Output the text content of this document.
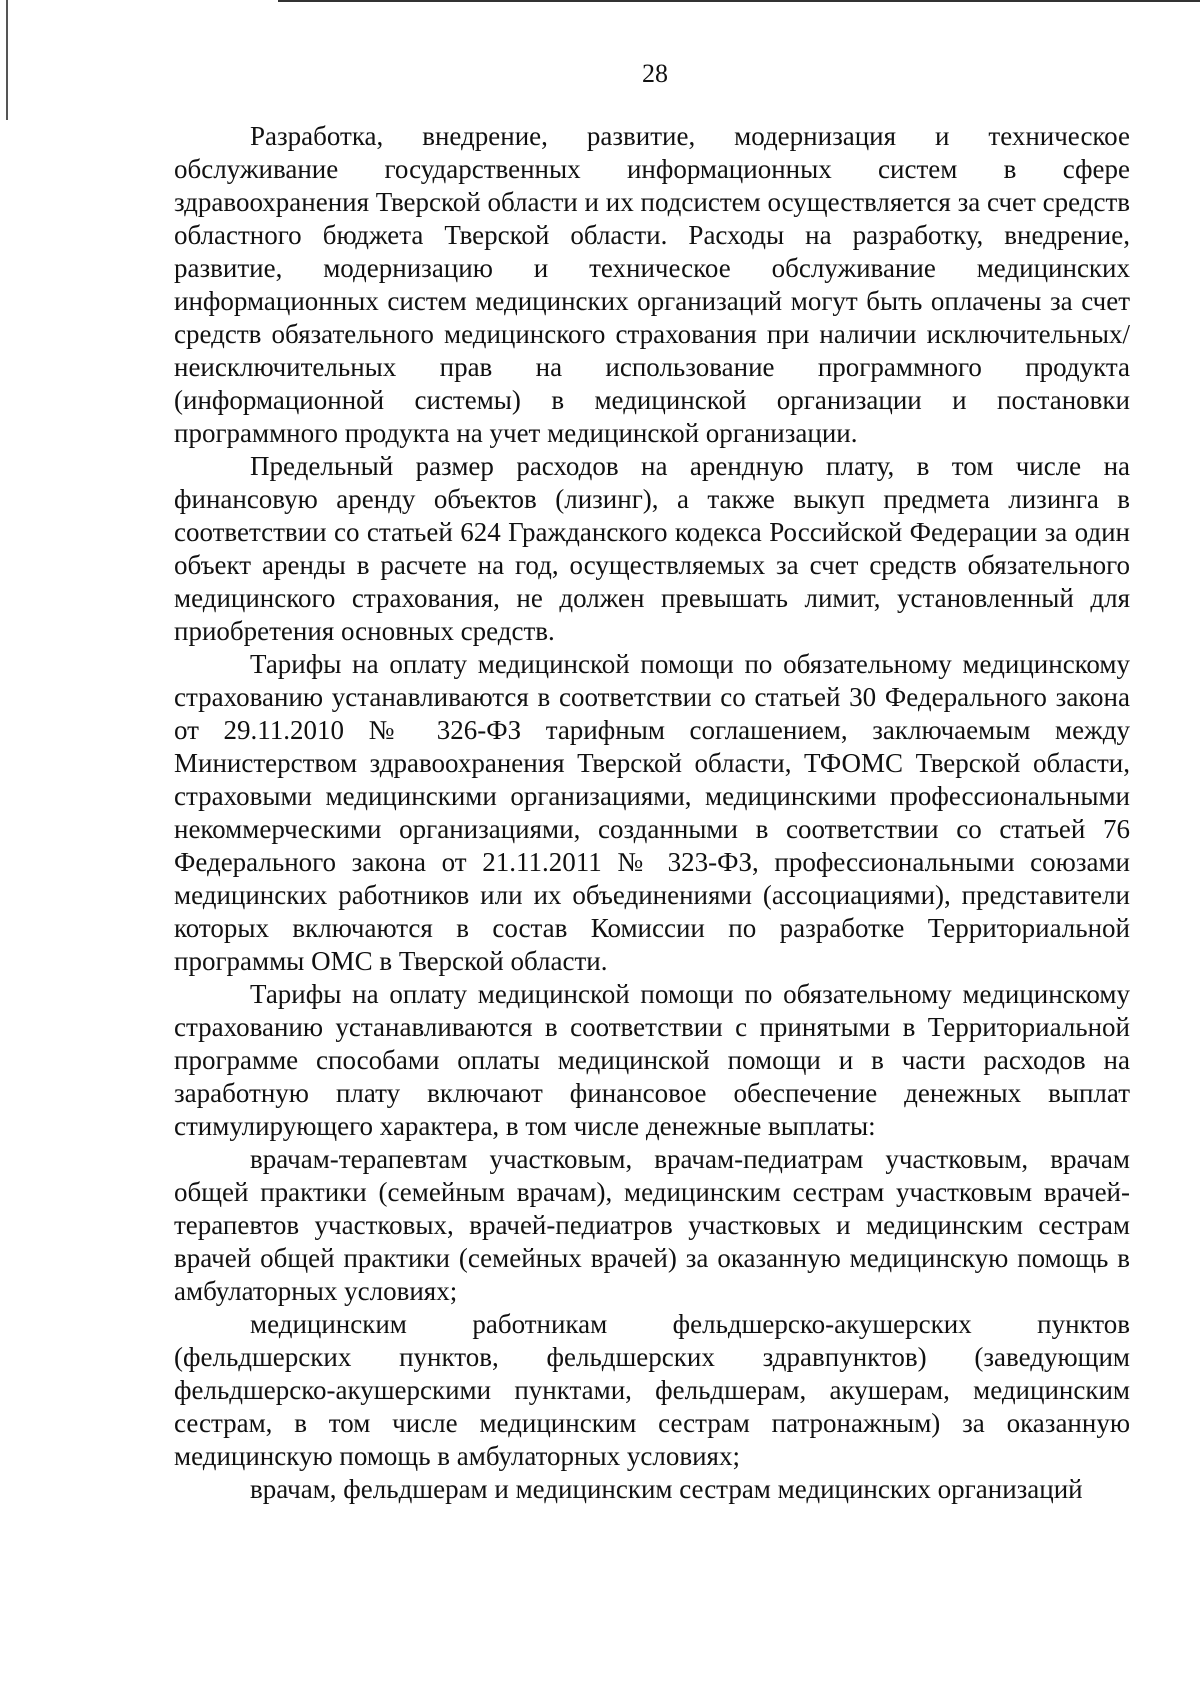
28

Разработка, внедрение, развитие, модернизация и техническое обслуживание государственных информационных систем в сфере здравоохранения Тверской области и их подсистем осуществляется за счет средств областного бюджета Тверской области. Расходы на разработку, внедрение, развитие, модернизацию и техническое обслуживание медицинских информационных систем медицинских организаций могут быть оплачены за счет средств обязательного медицинского страхования при наличии исключительных/неисключительных прав на использование программного продукта (информационной системы) в медицинской организации и постановки программного продукта на учет медицинской организации.

Предельный размер расходов на арендную плату, в том числе на финансовую аренду объектов (лизинг), а также выкуп предмета лизинга в соответствии со статьей 624 Гражданского кодекса Российской Федерации за один объект аренды в расчете на год, осуществляемых за счет средств обязательного медицинского страхования, не должен превышать лимит, установленный для приобретения основных средств.

Тарифы на оплату медицинской помощи по обязательному медицинскому страхованию устанавливаются в соответствии со статьей 30 Федерального закона от 29.11.2010 № 326-ФЗ тарифным соглашением, заключаемым между Министерством здравоохранения Тверской области, ТФОМС Тверской области, страховыми медицинскими организациями, медицинскими профессиональными некоммерческими организациями, созданными в соответствии со статьей 76 Федерального закона от 21.11.2011 № 323-ФЗ, профессиональными союзами медицинских работников или их объединениями (ассоциациями), представители которых включаются в состав Комиссии по разработке Территориальной программы ОМС в Тверской области.

Тарифы на оплату медицинской помощи по обязательному медицинскому страхованию устанавливаются в соответствии с принятыми в Территориальной программе способами оплаты медицинской помощи и в части расходов на заработную плату включают финансовое обеспечение денежных выплат стимулирующего характера, в том числе денежные выплаты:

врачам-терапевтам участковым, врачам-педиатрам участковым, врачам общей практики (семейным врачам), медицинским сестрам участковым врачей-терапевтов участковых, врачей-педиатров участковых и медицинским сестрам врачей общей практики (семейных врачей) за оказанную медицинскую помощь в амбулаторных условиях;

медицинским работникам фельдшерско-акушерских пунктов (фельдшерских пунктов, фельдшерских здравпунктов) (заведующим фельдшерско-акушерскими пунктами, фельдшерам, акушерам, медицинским сестрам, в том числе медицинским сестрам патронажным) за оказанную медицинскую помощь в амбулаторных условиях;

врачам, фельдшерам и медицинским сестрам медицинских организаций
